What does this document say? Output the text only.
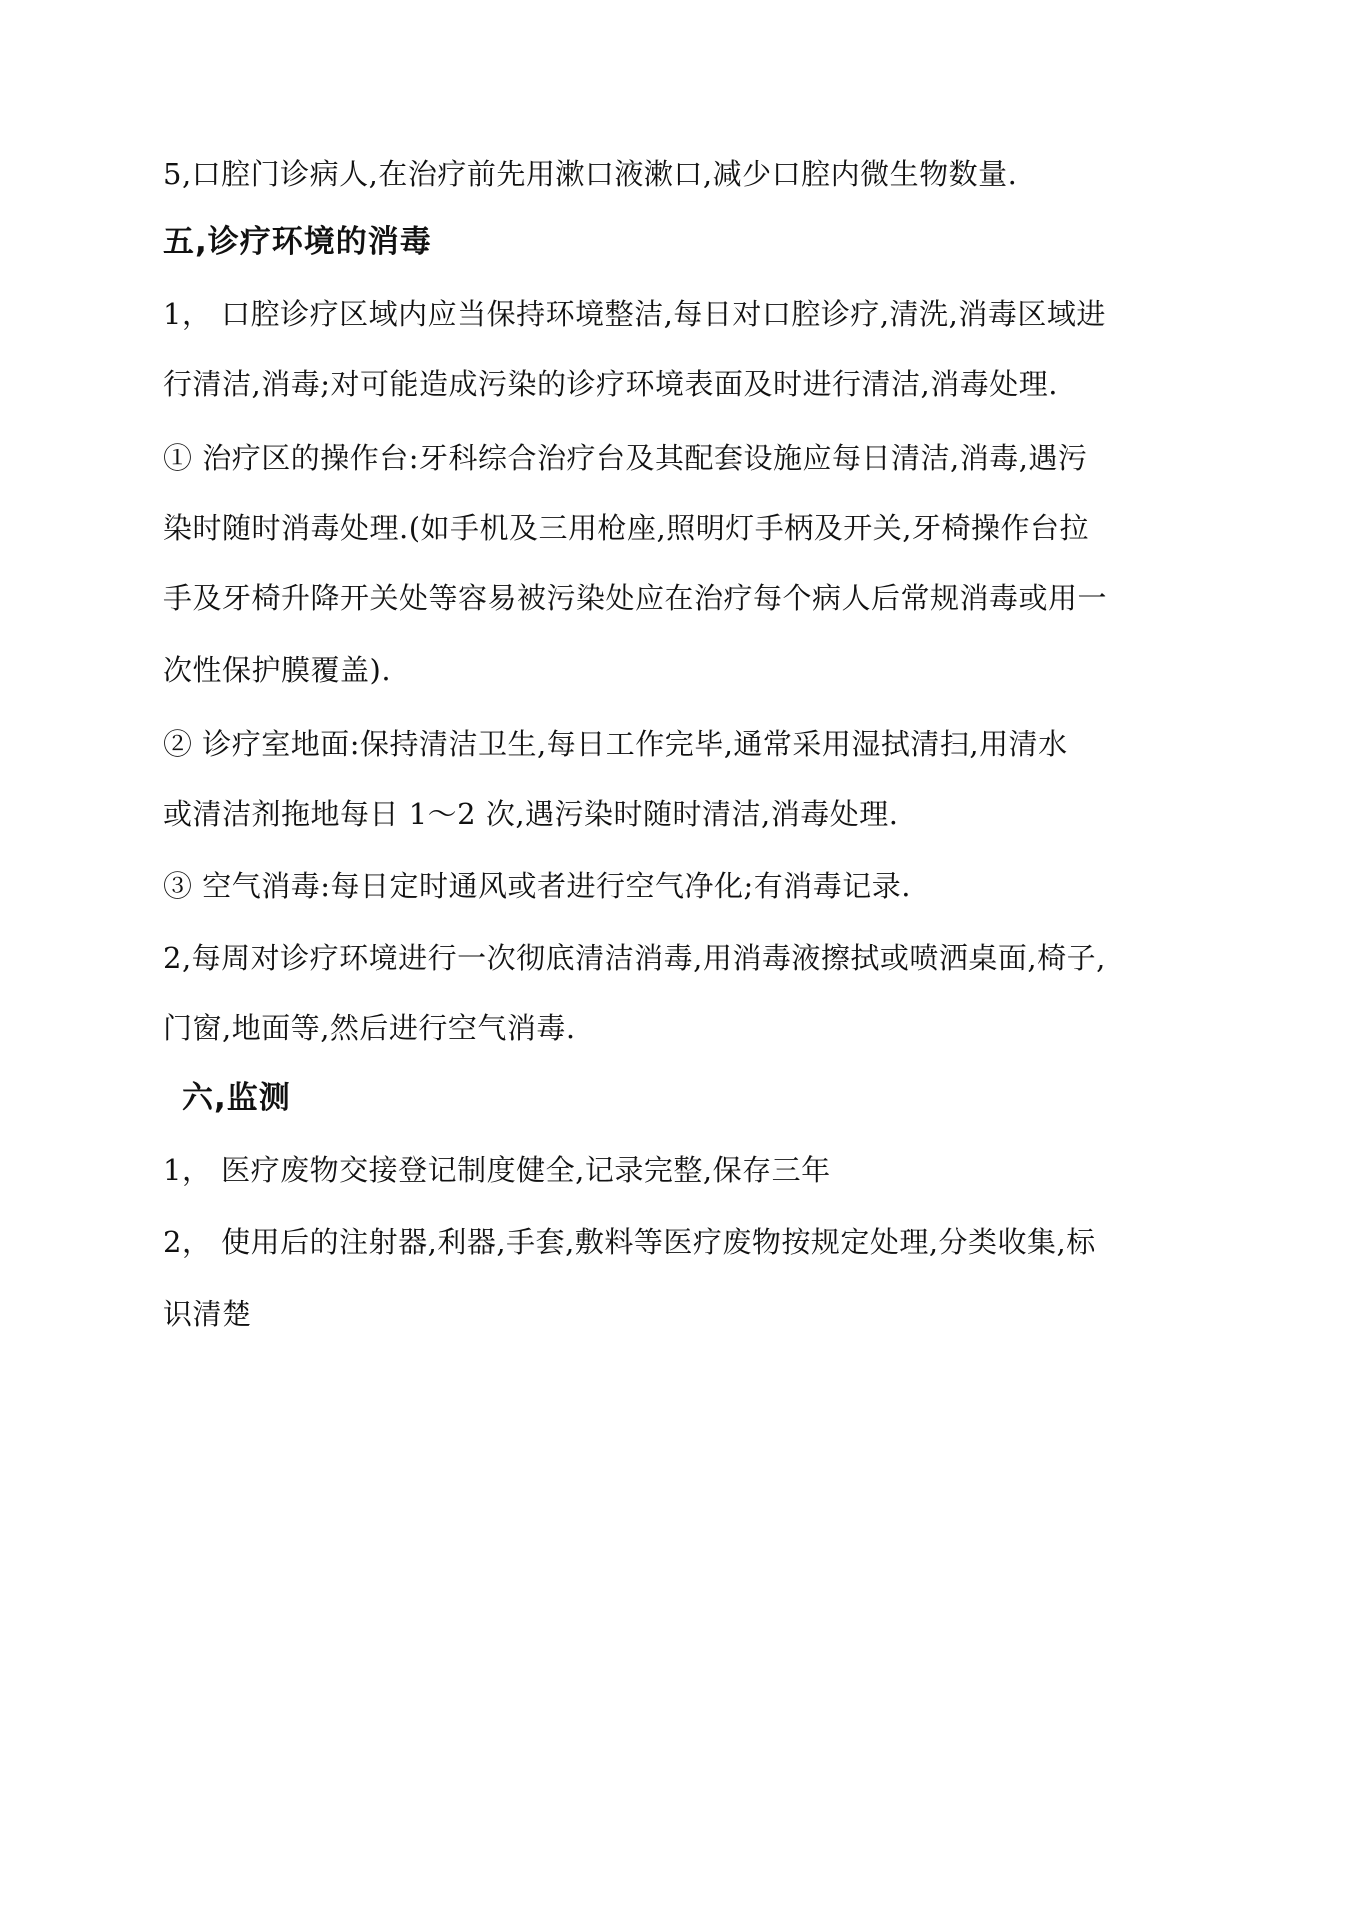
5,口腔门诊病人,在治疗前先用漱口液漱口,减少口腔内微生物数量.
五,诊疗环境的消毒
1， 口腔诊疗区域内应当保持环境整洁,每日对口腔诊疗,清洗,消毒区域进
行清洁,消毒;对可能造成污染的诊疗环境表面及时进行清洁,消毒处理.
① 治疗区的操作台:牙科综合治疗台及其配套设施应每日清洁,消毒,遇污
染时随时消毒处理.(如手机及三用枪座,照明灯手柄及开关,牙椅操作台拉
手及牙椅升降开关处等容易被污染处应在治疗每个病人后常规消毒或用一
次性保护膜覆盖).
② 诊疗室地面:保持清洁卫生,每日工作完毕,通常采用湿拭清扫,用清水
或清洁剂拖地每日 1～2 次,遇污染时随时清洁,消毒处理.
③ 空气消毒:每日定时通风或者进行空气净化;有消毒记录.
2,每周对诊疗环境进行一次彻底清洁消毒,用消毒液擦拭或喷洒桌面,椅子,
门窗,地面等,然后进行空气消毒.
六,监测
1， 医疗废物交接登记制度健全,记录完整,保存三年
2， 使用后的注射器,利器,手套,敷料等医疗废物按规定处理,分类收集,标
识清楚
